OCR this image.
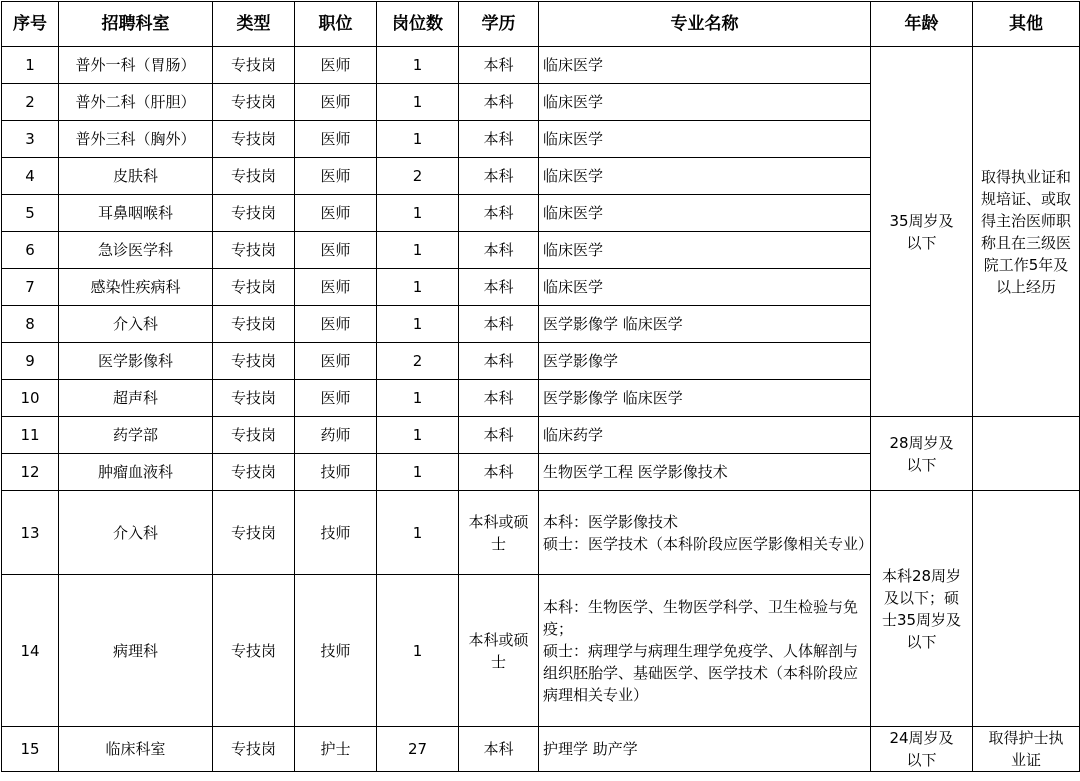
序号	招聘科室	类型	职位	岗位数	学历	专业名称	年龄	其他
1	普外一科（胃肠）	专技岗	医师	1	本科	临床医学	35周岁及以下	取得执业证和规培证、或取得主治医师职称且在三级医院工作5年及以上经历
2	普外二科（肝胆）	专技岗	医师	1	本科	临床医学		
3	普外三科（胸外）	专技岗	医师	1	本科	临床医学		
4	皮肤科	专技岗	医师	2	本科	临床医学		
5	耳鼻咽喉科	专技岗	医师	1	本科	临床医学		
6	急诊医学科	专技岗	医师	1	本科	临床医学		
7	感染性疾病科	专技岗	医师	1	本科	临床医学		
8	介入科	专技岗	医师	1	本科	医学影像学 临床医学		
9	医学影像科	专技岗	医师	2	本科	医学影像学		
10	超声科	专技岗	医师	1	本科	医学影像学 临床医学		
11	药学部	专技岗	药师	1	本科	临床药学	28周岁及以下	
12	肿瘤血液科	专技岗	技师	1	本科	生物医学工程 医学影像技术		
13	介入科	专技岗	技师	1	本科或硕士	本科：医学影像技术
硕士：医学技术（本科阶段应医学影像相关专业）	本科28周岁及以下；硕士35周岁及以下	
14	病理科	专技岗	技师	1	本科或硕士	本科：生物医学、生物医学科学、卫生检验与免疫；
硕士：病理学与病理生理学免疫学、人体解剖与组织胚胎学、基础医学、医学技术（本科阶段应病理相关专业）		
15	临床科室	专技岗	护士	27	本科	护理学 助产学	24周岁及以下	取得护士执业证
